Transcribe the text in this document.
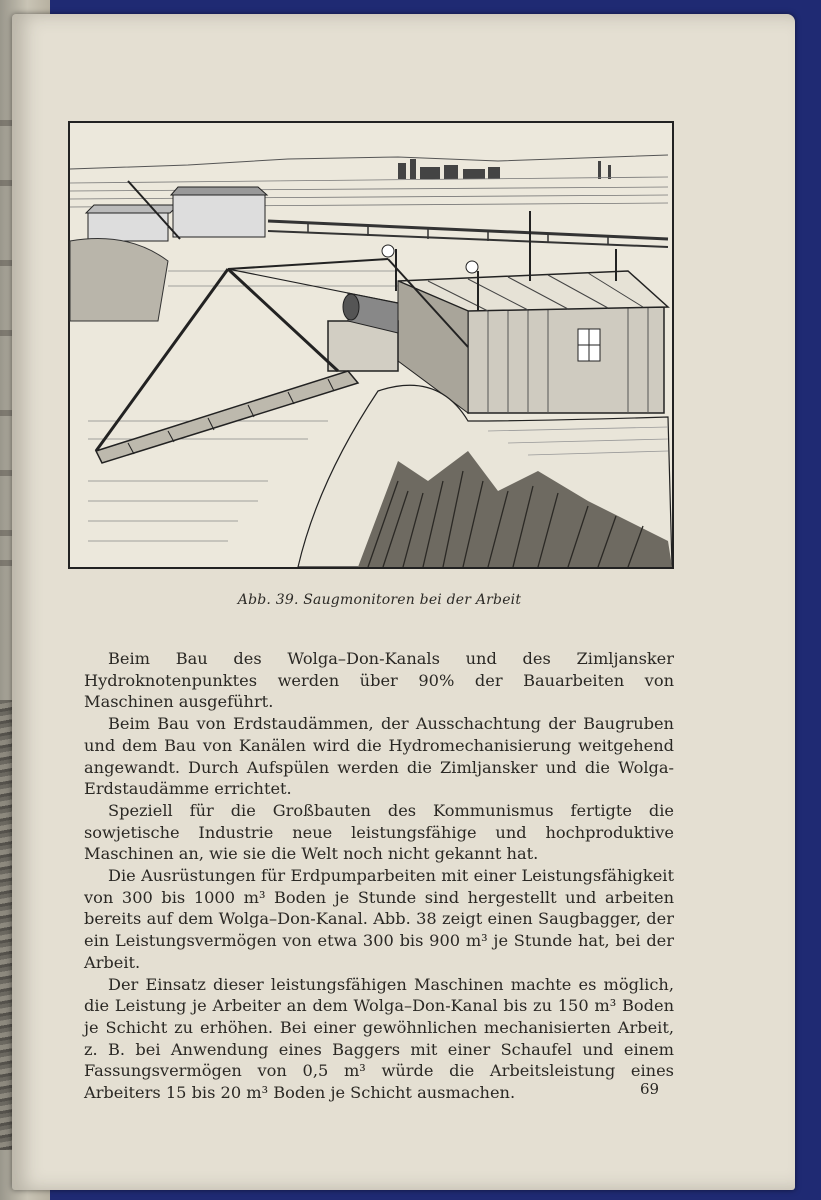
Abb. 39. Saugmonitoren bei der Arbeit

Beim Bau des Wolga–Don-Kanals und des Zimljansker Hydroknotenpunktes werden über 90% der Bauarbeiten von Maschinen ausgeführt.

Beim Bau von Erdstaudämmen, der Ausschachtung der Baugruben und dem Bau von Kanälen wird die Hydromechanisierung weitgehend angewandt. Durch Aufspülen werden die Zimljansker und die Wolga-Erdstaudämme errichtet.

Speziell für die Großbauten des Kommunismus fertigte die sowjetische Industrie neue leistungsfähige und hochproduktive Maschinen an, wie sie die Welt noch nicht gekannt hat.

Die Ausrüstungen für Erdpumparbeiten mit einer Leistungsfähigkeit von 300 bis 1000 m³ Boden je Stunde sind hergestellt und arbeiten bereits auf dem Wolga–Don-Kanal. Abb. 38 zeigt einen Saugbagger, der ein Leistungsvermögen von etwa 300 bis 900 m³ je Stunde hat, bei der Arbeit.

Der Einsatz dieser leistungsfähigen Maschinen machte es möglich, die Leistung je Arbeiter an dem Wolga–Don-Kanal bis zu 150 m³ Boden je Schicht zu erhöhen. Bei einer gewöhnlichen mechanisierten Arbeit, z. B. bei Anwendung eines Baggers mit einer Schaufel und einem Fassungsvermögen von 0,5 m³ würde die Arbeitsleistung eines Arbeiters 15 bis 20 m³ Boden je Schicht ausmachen.	69
